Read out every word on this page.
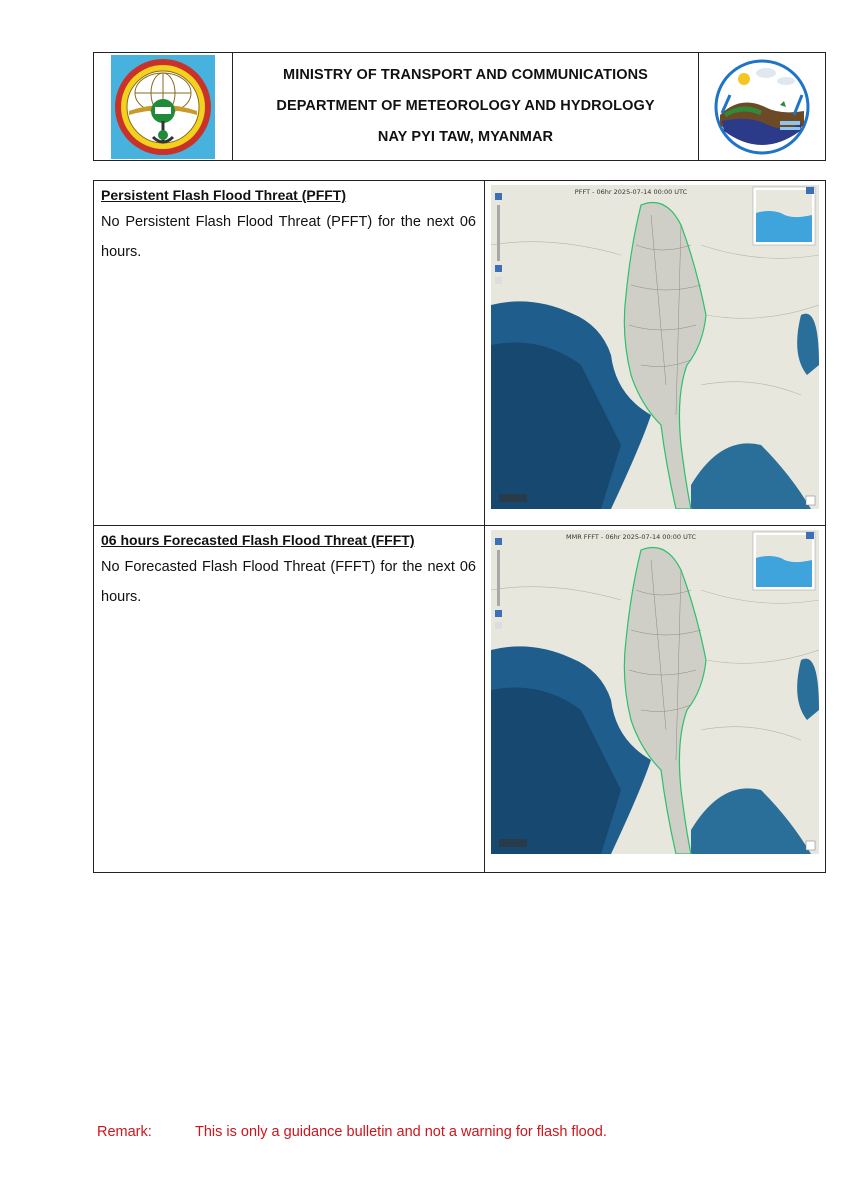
MINISTRY OF TRANSPORT AND COMMUNICATIONS
DEPARTMENT OF METEOROLOGY AND HYDROLOGY
NAY PYI TAW, MYANMAR

Persistent Flash Flood Threat (PFFT)

No Persistent Flash Flood Threat (PFFT) for the next 06 hours.

PFFT - 06hr 2025-07-14 00:00 UTC

06 hours Forecasted Flash Flood Threat (FFFT)

No Forecasted Flash Flood Threat (FFFT) for the next 06 hours.

MMR FFFT - 06hr 2025-07-14 00:00 UTC
Remark:	This is only a guidance bulletin and not a warning for flash flood.
